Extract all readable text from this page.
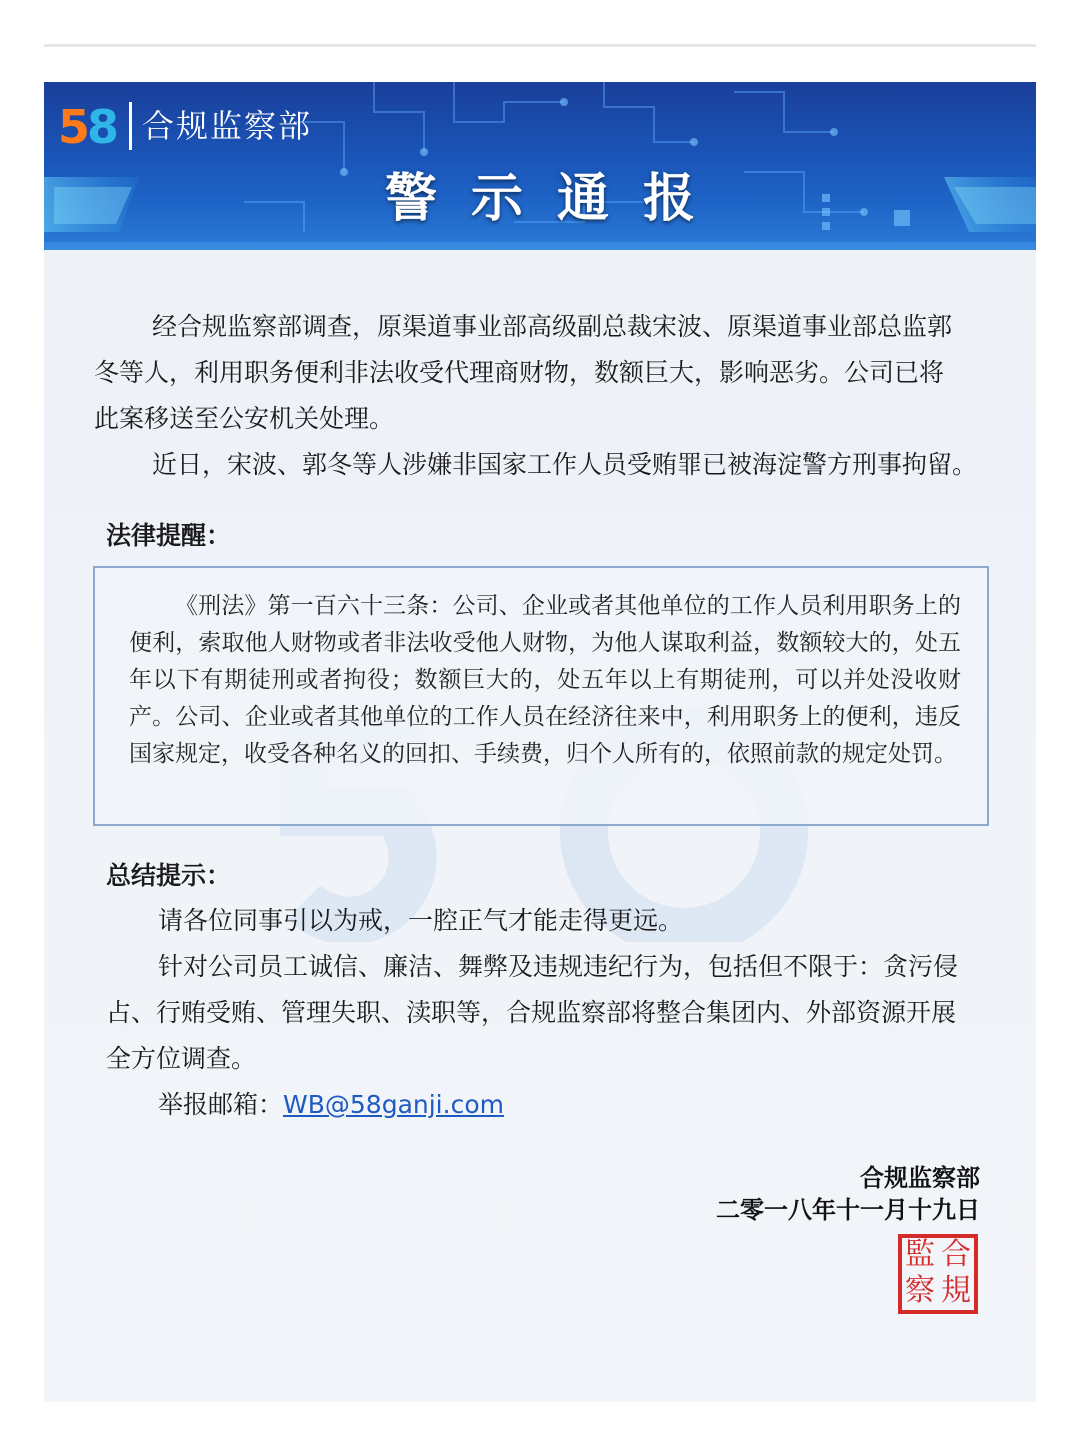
58 合规监察部
警示通报
经合规监察部调查，原渠道事业部高级副总裁宋波、原渠道事业部总监郭
冬等人，利用职务便利非法收受代理商财物，数额巨大，影响恶劣。公司已将
此案移送至公安机关处理。
近日，宋波、郭冬等人涉嫌非国家工作人员受贿罪已被海淀警方刑事拘留。
法律提醒：
《刑法》第一百六十三条：公司、企业或者其他单位的工作人员利用职务上的便利，索取他人财物或者非法收受他人财物，为他人谋取利益，数额较大的，处五年以下有期徒刑或者拘役；数额巨大的，处五年以上有期徒刑，可以并处没收财产。公司、企业或者其他单位的工作人员在经济往来中，利用职务上的便利，违反国家规定，收受各种名义的回扣、手续费，归个人所有的，依照前款的规定处罚。
总结提示：
请各位同事引以为戒，一腔正气才能走得更远。
针对公司员工诚信、廉洁、舞弊及违规违纪行为，包括但不限于：贪污侵
占、行贿受贿、管理失职、渎职等，合规监察部将整合集团内、外部资源开展
全方位调查。
举报邮箱：WB@58ganji.com
合规监察部
二零一八年十一月十九日
監 合
察 規
